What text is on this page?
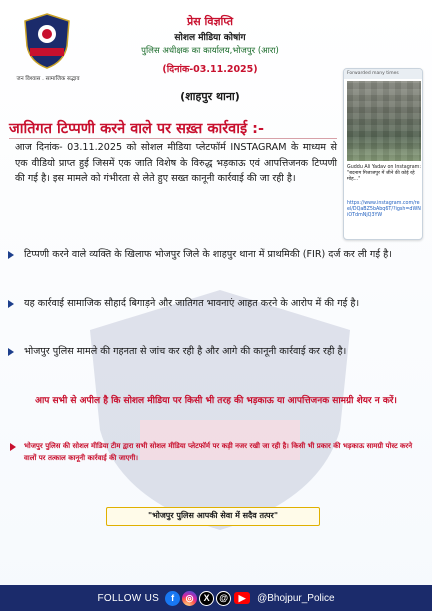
जन विश्वास . सामाजिक सद्भाव
प्रेस विज्ञप्ति
सोशल मीडिया कोषांग
पुलिस अधीक्षक का कार्यालय,भोजपुर (आरा)
(दिनांक-03.11.2025)
(शाहपुर थाना)
Forwarded many times
Guddu Ali Yadav on Instagram: "बदनाम मिजाजपुर में जीने की कोई रहे मोह..."
https://www.instagram.com/reel/DQaBZ5bAbq6T/?igsh=dWNiOTdmNjQ3YW
जातिगत टिप्पणी करने वाले पर सख़्त कार्रवाई :-
आज दिनांक- 03.11.2025 को सोशल मीडिया प्लेटफॉर्म INSTAGRAM के माध्यम से एक वीडियो प्राप्त हुई जिसमें एक जाति विशेष के विरुद्ध भड़काऊ एवं आपत्तिजनक टिप्पणी की गई है। इस मामले को गंभीरता से लेते हुए सख्त कानूनी कार्रवाई की जा रही है।
टिप्पणी करने वाले व्यक्ति के खिलाफ भोजपुर जिले के शाहपुर थाना में प्राथमिकी (FIR) दर्ज कर ली गई है।
यह कार्रवाई सामाजिक सौहार्द बिगाड़ने और जातिगत भावनाएं आहत करने के आरोप में की गई है।
भोजपुर पुलिस मामले की गहनता से जांच कर रही है और आगे की कानूनी कार्रवाई कर रही है।
आप सभी से अपील है कि सोशल मीडिया पर किसी भी तरह की भड़काऊ या आपत्तिजनक सामग्री शेयर न करें।
भोजपुर पुलिस की सोशल मीडिया टीम द्वारा सभी सोशल मीडिया प्लेटफॉर्म पर कड़ी नजर रखी जा रही है। किसी भी प्रकार की भड़काऊ सामग्री पोस्ट करने वालों पर तत्काल कानूनी कार्रवाई की जाएगी।
"भोजपुर पुलिस आपकी सेवा में सदैव तत्पर"
FOLLOW US	f	◎	X	@	▶	@Bhojpur_Police
